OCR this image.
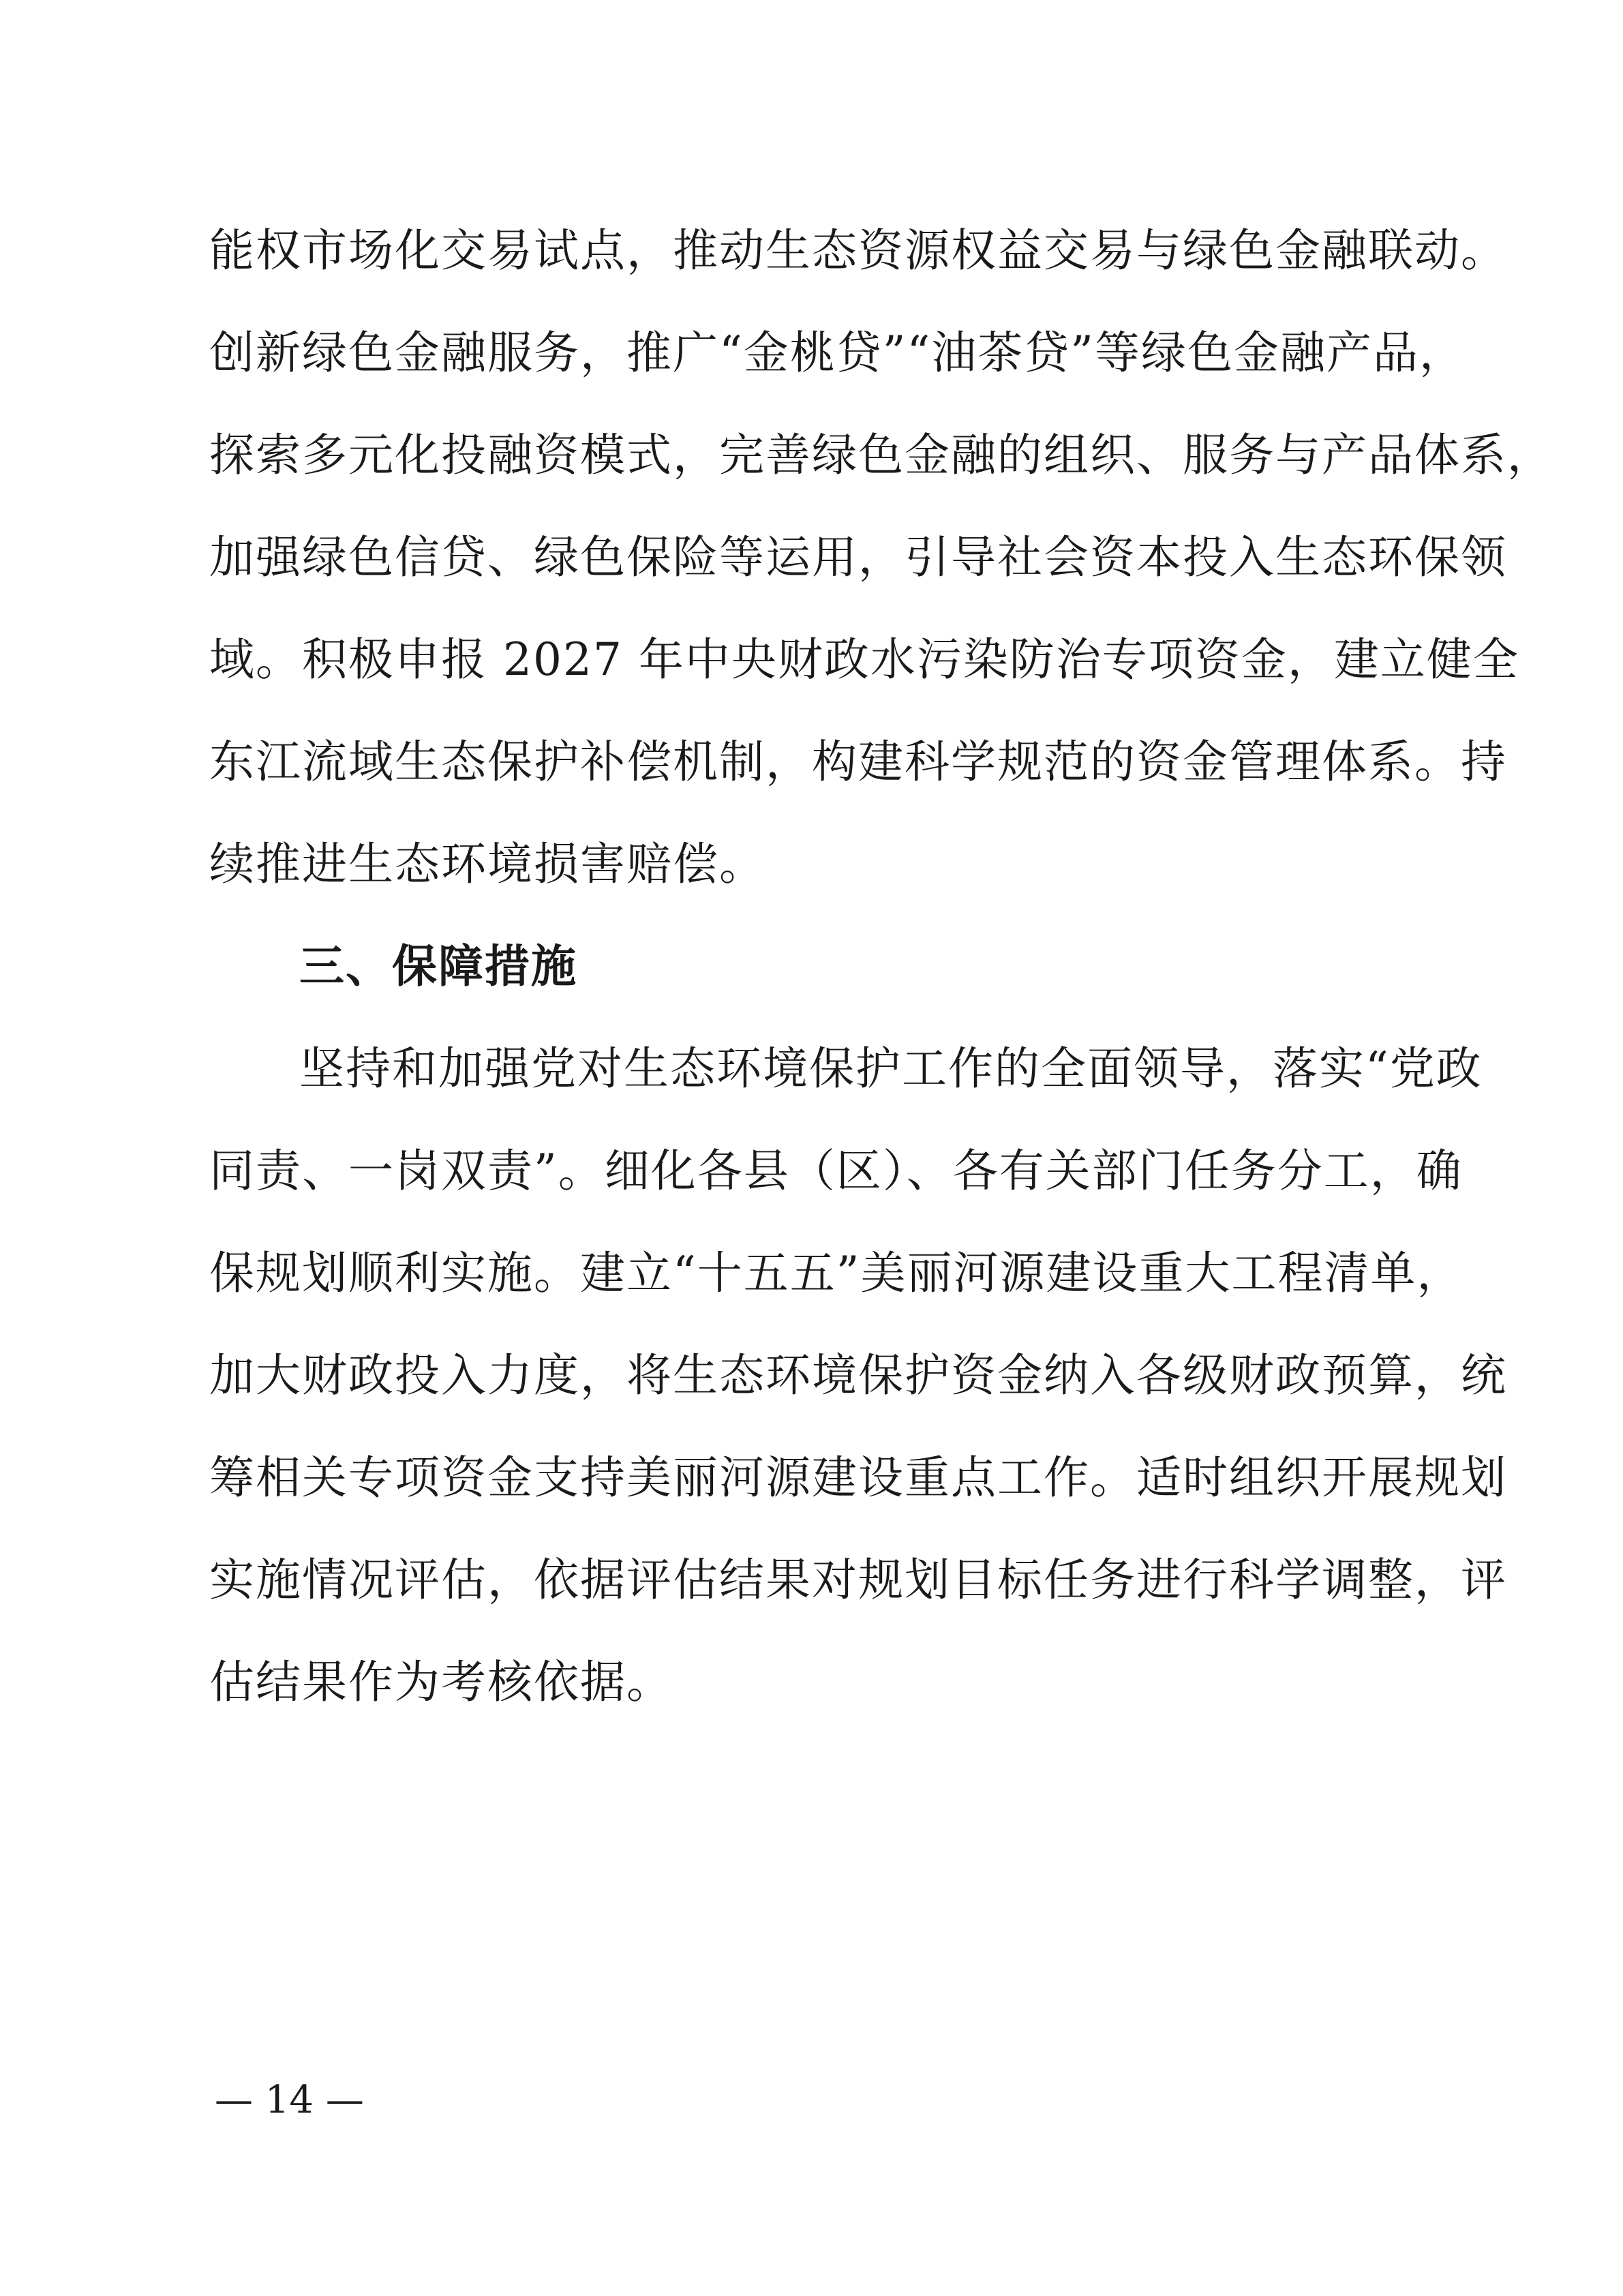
能权市场化交易试点，推动生态资源权益交易与绿色金融联动。
创新绿色金融服务，推广“金桃贷”“油茶贷”等绿色金融产品，
探索多元化投融资模式，完善绿色金融的组织、服务与产品体系，
加强绿色信贷、绿色保险等运用，引导社会资本投入生态环保领
域。积极申报 2027 年中央财政水污染防治专项资金，建立健全
东江流域生态保护补偿机制，构建科学规范的资金管理体系。持
续推进生态环境损害赔偿。
三、保障措施
坚持和加强党对生态环境保护工作的全面领导，落实“党政
同责、一岗双责”。细化各县（区）、各有关部门任务分工，确
保规划顺利实施。建立“十五五”美丽河源建设重大工程清单，
加大财政投入力度，将生态环境保护资金纳入各级财政预算，统
筹相关专项资金支持美丽河源建设重点工作。适时组织开展规划
实施情况评估，依据评估结果对规划目标任务进行科学调整，评
估结果作为考核依据。
— 14 —
